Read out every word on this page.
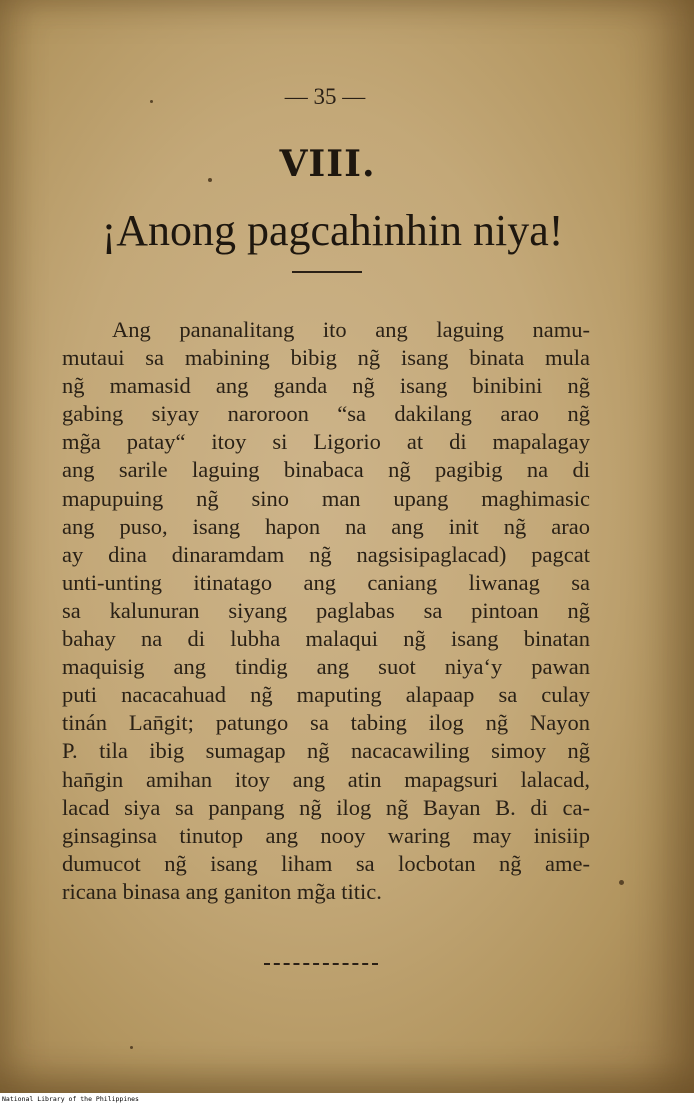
— 35 —
VIII.
¡Anong pagcahinhin niya!
Ang pananalitang ito ang laguing namu-
mutaui sa mabining bibig ng̃ isang binata mula
ng̃ mamasid ang ganda ng̃ isang binibini ng̃
gabing siyay naroroon “sa dakilang arao ng̃
mg̃a patay“ itoy si Ligorio at di mapalagay
ang sarile laguing binabaca ng̃ pagibig na di
mapupuing ng̃ sino man upang maghimasic
ang puso, isang hapon na ang init ng̃ arao
ay dina dinaramdam ng̃ nagsisipaglacad) pagcat
unti-unting itinatago ang caniang liwanag sa
sa kalunuran siyang paglabas sa pintoan ng̃
bahay na di lubha malaqui ng̃ isang binatan
maquisig ang tindig ang suot niya‘y pawan
puti nacacahuad ng̃ maputing alapaap sa culay
tinán Lan̄git; patungo sa tabing ilog ng̃ Nayon
P. tila ibig sumagap ng̃ nacacawiling simoy ng̃
han̄gin amihan itoy ang atin mapagsuri lalacad,
lacad siya sa panpang ng̃ ilog ng̃ Bayan B. di ca-
ginsaginsa tinutop ang nooy waring may inisiip
dumucot ng̃ isang liham sa locbotan ng̃ ame-
ricana binasa ang ganiton mg̃a titic.
National Library of the Philippines
